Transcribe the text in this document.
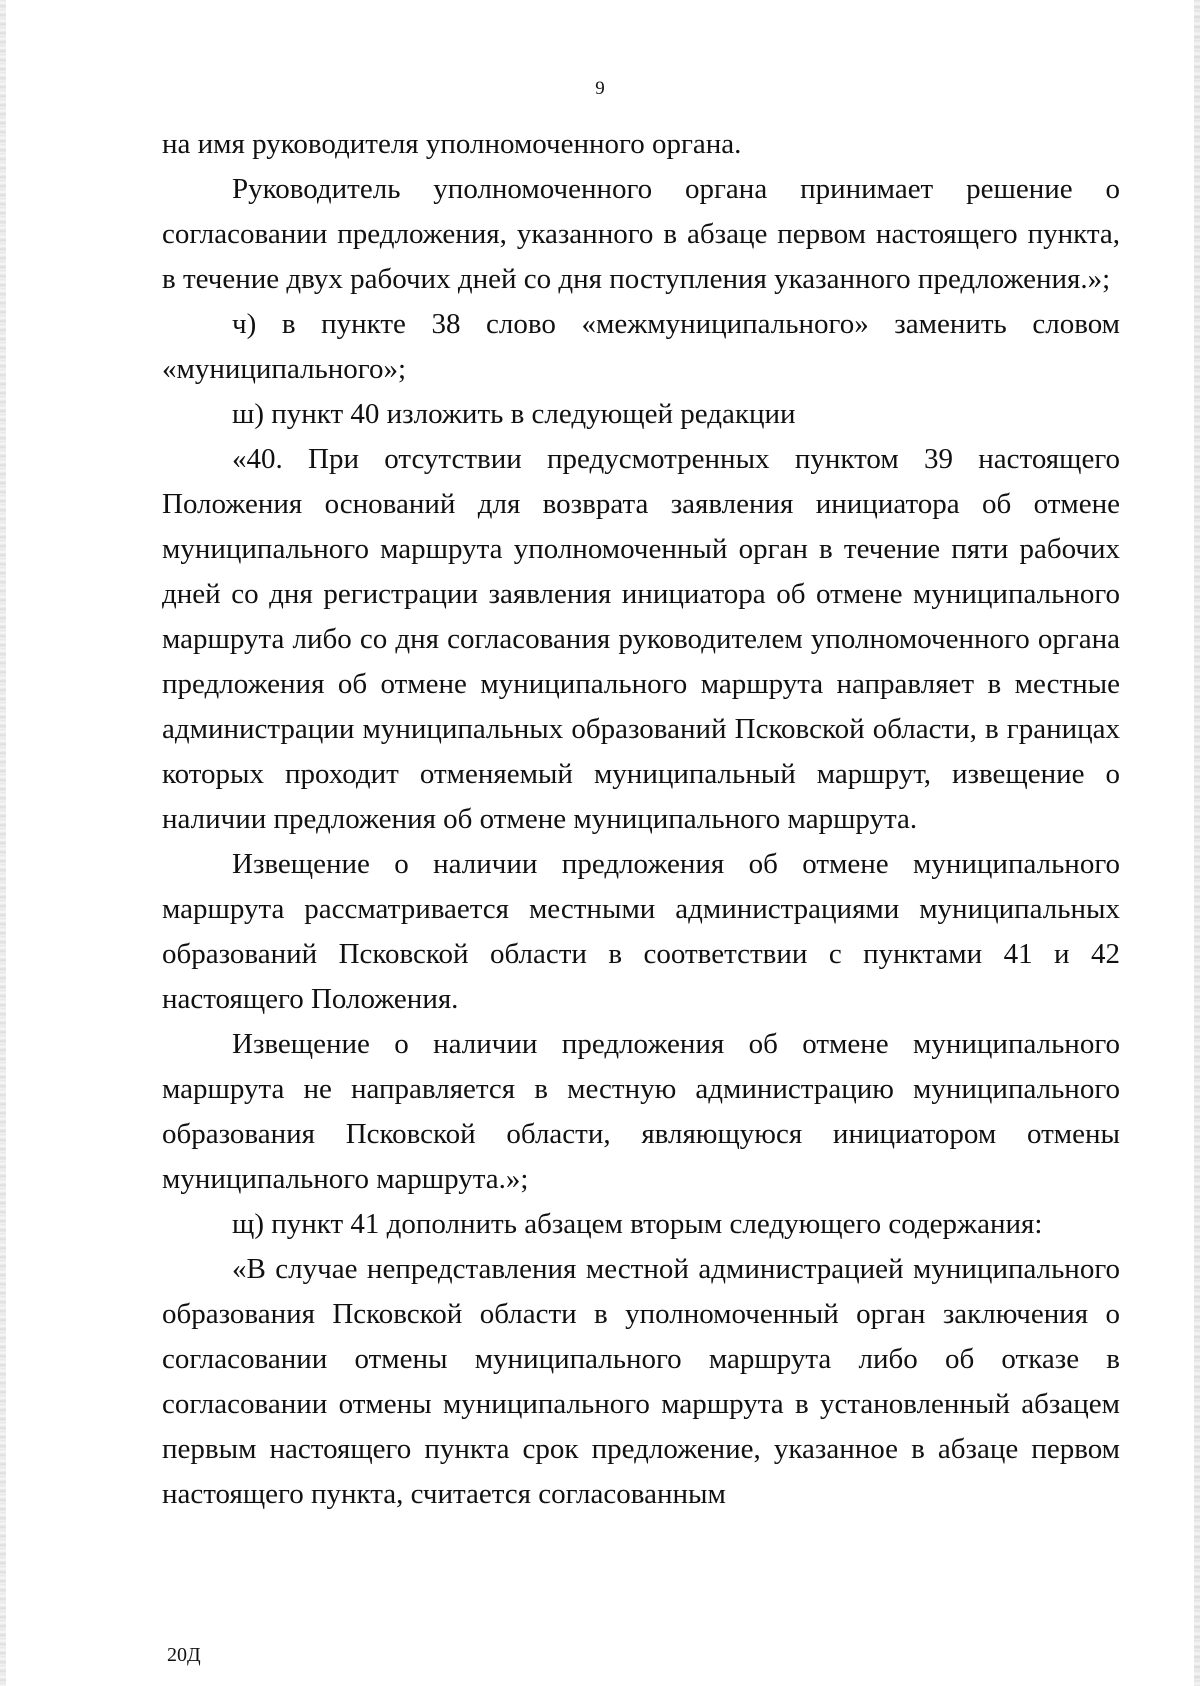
9

на имя руководителя уполномоченного органа.

Руководитель уполномоченного органа принимает решение о согласовании предложения, указанного в абзаце первом настоящего пункта, в течение двух рабочих дней со дня поступления указанного предложения.»;

ч) в пункте 38 слово «межмуниципального» заменить словом «муниципального»;

ш) пункт 40 изложить в следующей редакции

«40. При отсутствии предусмотренных пунктом 39 настоящего Положения оснований для возврата заявления инициатора об отмене муниципального маршрута уполномоченный орган в течение пяти рабочих дней со дня регистрации заявления инициатора об отмене муниципального маршрута либо со дня согласования руководителем уполномоченного органа предложения об отмене муниципального маршрута направляет в местные администрации муниципальных образований Псковской области, в границах которых проходит отменяемый муниципальный маршрут, извещение о наличии предложения об отмене муниципального маршрута.

Извещение о наличии предложения об отмене муниципального маршрута рассматривается местными администрациями муниципальных образований Псковской области в соответствии с пунктами 41 и 42 настоящего Положения.

Извещение о наличии предложения об отмене муниципального маршрута не направляется в местную администрацию муниципального образования Псковской области, являющуюся инициатором отмены муниципального маршрута.»;

щ) пункт 41 дополнить абзацем вторым следующего содержания:

«В случае непредставления местной администрацией муниципального образования Псковской области в уполномоченный орган заключения о согласовании отмены муниципального маршрута либо об отказе в согласовании отмены муниципального маршрута в установленный абзацем первым настоящего пункта срок предложение, указанное в абзаце первом настоящего пункта, считается согласованным

20Д
